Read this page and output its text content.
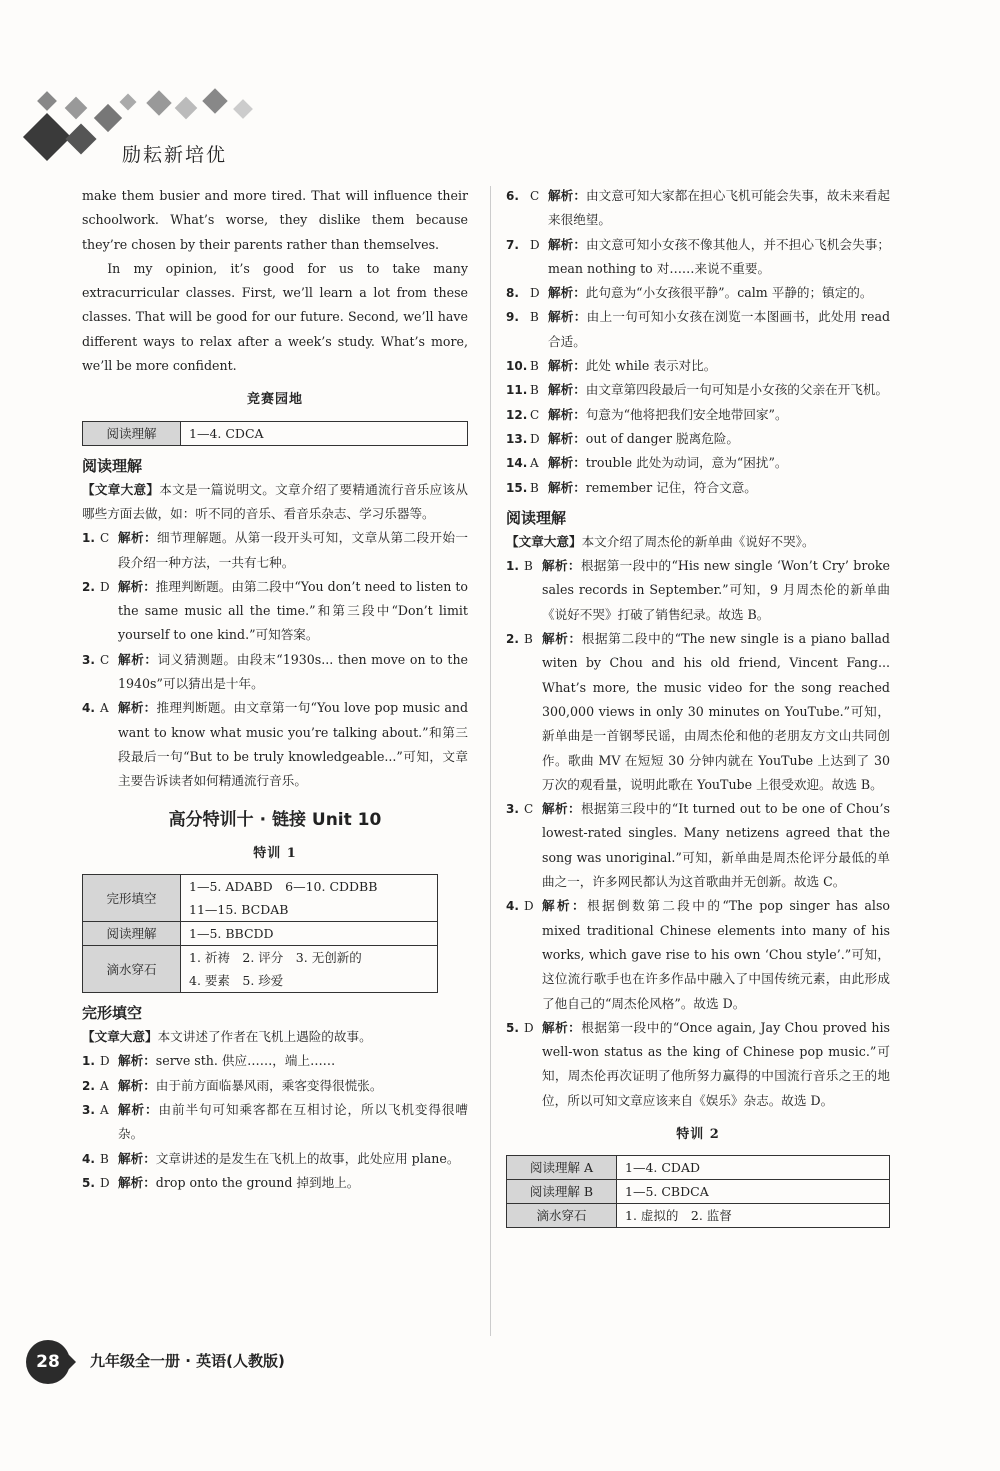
励耘新培优
make them busier and more tired. That will influence their schoolwork. What’s worse, they dislike them because they’re chosen by their parents rather than themselves.
In my opinion, it’s good for us to take many extracurricular classes. First, we’ll learn a lot from these classes. That will be good for our future. Second, we’ll have different ways to relax after a week’s study. What’s more, we’ll be more confident.
竞赛园地
阅读理解	1—4. CDCA
阅读理解
【文章大意】本文是一篇说明文。文章介绍了要精通流行音乐应该从哪些方面去做，如：听不同的音乐、看音乐杂志、学习乐器等。
1. C 解析：细节理解题。从第一段开头可知，文章从第二段开始一段介绍一种方法，一共有七种。
2. D 解析：推理判断题。由第二段中“You don’t need to listen to the same music all the time.”和第三段中“Don’t limit yourself to one kind.”可知答案。
3. C 解析：词义猜测题。由段末“1930s... then move on to the 1940s”可以猜出是十年。
4. A 解析：推理判断题。由文章第一句“You love pop music and want to know what music you’re talking about.”和第三段最后一句“But to be truly knowledgeable...”可知，文章主要告诉读者如何精通流行音乐。
高分特训十 · 链接 Unit 10
特训 1
完形填空	1—5. ADABD　6—10. CDDBB
11—15. BCDAB

阅读理解	1—5. BBCDD
滴水穿石	1. 祈祷　2. 评分　3. 无创新的
4. 要素　5. 珍爱
完形填空
【文章大意】本文讲述了作者在飞机上遇险的故事。
1. D 解析：serve sth. 供应……，端上……
2. A 解析：由于前方面临暴风雨，乘客变得很慌张。
3. A 解析：由前半句可知乘客都在互相讨论，所以飞机变得很嘈杂。
4. B 解析：文章讲述的是发生在飞机上的故事，此处应用 plane。
5. D 解析：drop onto the ground 掉到地上。
6. C 解析：由文意可知大家都在担心飞机可能会失事，故未来看起来很绝望。
7. D 解析：由文意可知小女孩不像其他人，并不担心飞机会失事；mean nothing to 对……来说不重要。
8. D 解析：此句意为“小女孩很平静”。calm 平静的；镇定的。
9. B 解析：由上一句可知小女孩在浏览一本图画书，此处用 read 合适。
10. B 解析：此处 while 表示对比。
11. B 解析：由文章第四段最后一句可知是小女孩的父亲在开飞机。
12. C 解析：句意为“他将把我们安全地带回家”。
13. D 解析：out of danger 脱离危险。
14. A 解析：trouble 此处为动词，意为“困扰”。
15. B 解析：remember 记住，符合文意。
阅读理解
【文章大意】本文介绍了周杰伦的新单曲《说好不哭》。
1. B 解析：根据第一段中的“His new single ‘Won’t Cry’ broke sales records in September.”可知，9 月周杰伦的新单曲《说好不哭》打破了销售纪录。故选 B。
2. B 解析：根据第二段中的“The new single is a piano ballad witen by Chou and his old friend, Vincent Fang... What’s more, the music video for the song reached 300,000 views in only 30 minutes on YouTube.”可知，新单曲是一首钢琴民谣，由周杰伦和他的老朋友方文山共同创作。歌曲 MV 在短短 30 分钟内就在 YouTube 上达到了 30 万次的观看量，说明此歌在 YouTube 上很受欢迎。故选 B。
3. C 解析：根据第三段中的“It turned out to be one of Chou’s lowest-rated singles. Many netizens agreed that the song was unoriginal.”可知，新单曲是周杰伦评分最低的单曲之一，许多网民都认为这首歌曲并无创新。故选 C。
4. D 解析：根据倒数第二段中的“The pop singer has also mixed traditional Chinese elements into many of his works, which gave rise to his own ‘Chou style’.”可知，这位流行歌手也在许多作品中融入了中国传统元素，由此形成了他自己的“周杰伦风格”。故选 D。
5. D 解析：根据第一段中的“Once again, Jay Chou proved his well-won status as the king of Chinese pop music.”可知，周杰伦再次证明了他所努力赢得的中国流行音乐之王的地位，所以可知文章应该来自《娱乐》杂志。故选 D。
特训 2
阅读理解 A	1—4. CDAD
阅读理解 B	1—5. CBDCA
滴水穿石	1. 虚拟的　2. 监督
28	九年级全一册 · 英语(人教版)
